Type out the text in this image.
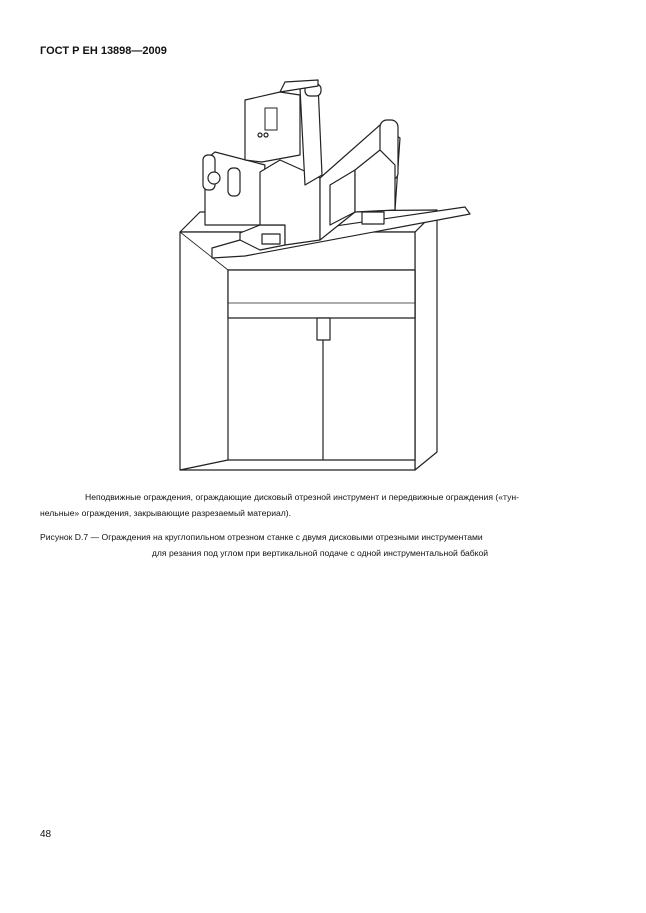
ГОСТ Р ЕН 13898—2009
Неподвижные ограждения, ограждающие дисковый отрезной инструмент и передвижные ограждения («тун-
нельные» ограждения, закрывающие разрезаемый материал).
Рисунок D.7 — Ограждения на круглопильном отрезном станке с двумя дисковыми отрезными инструментами
для резания под углом при вертикальной подаче с одной инструментальной бабкой
48
